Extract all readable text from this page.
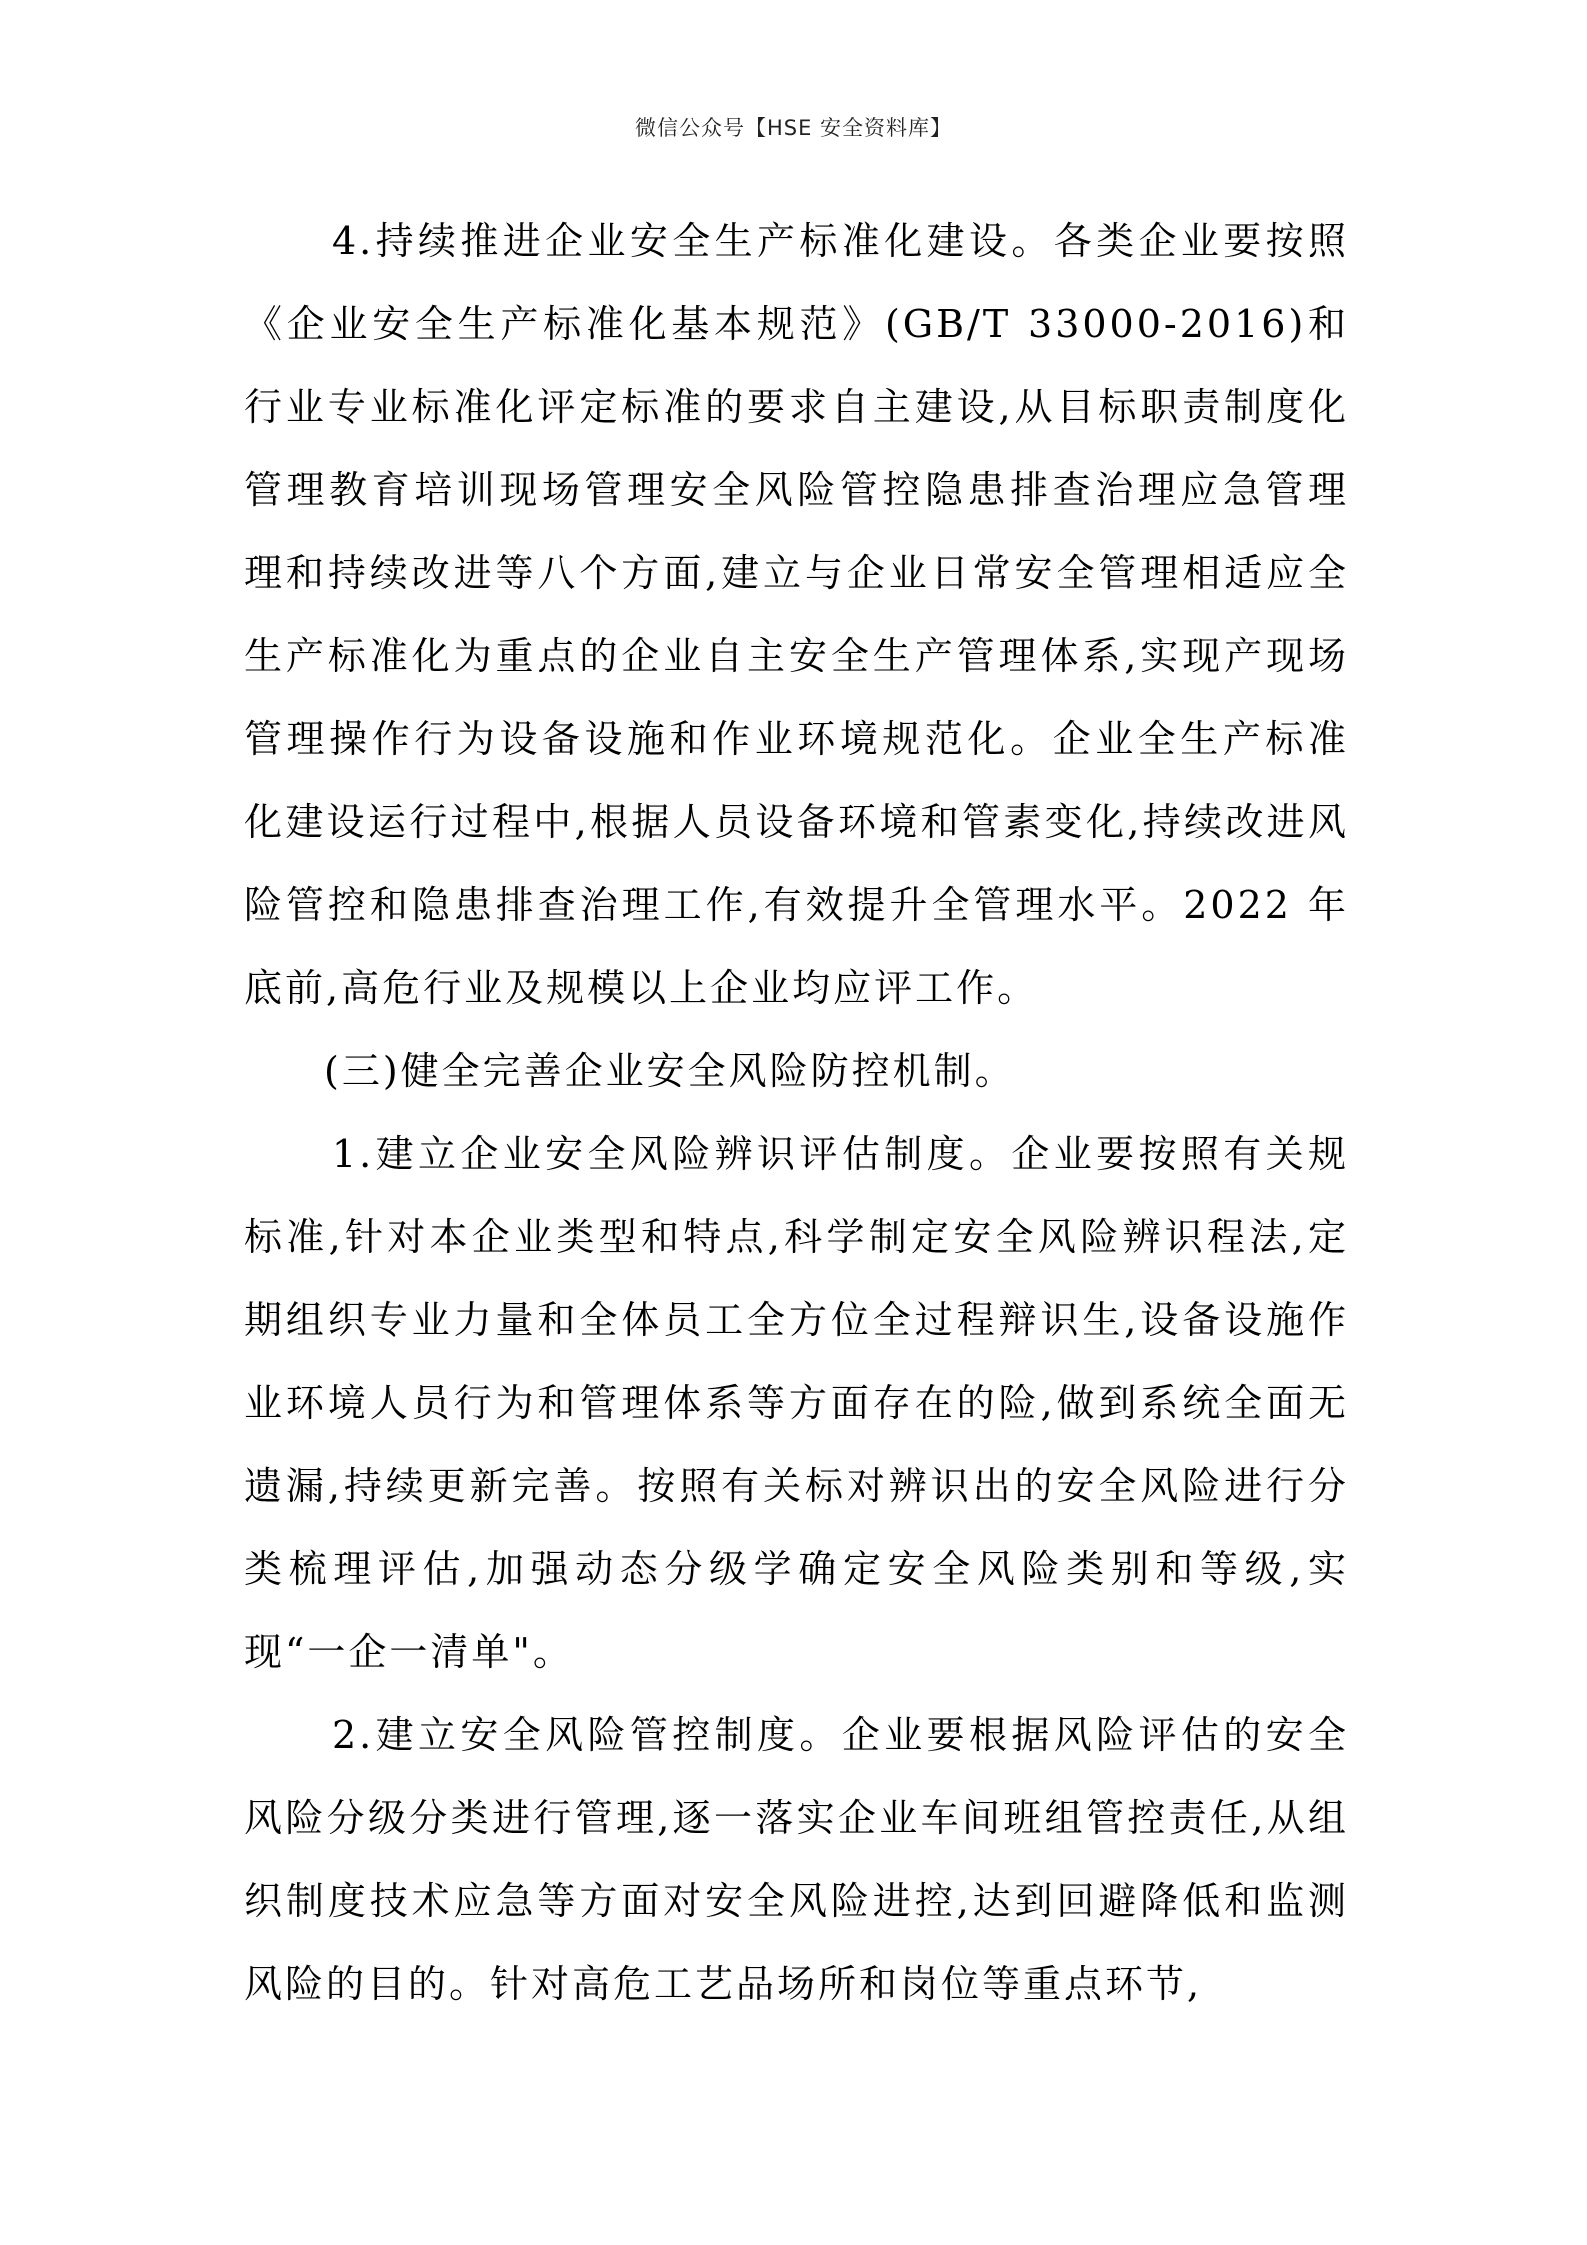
微信公众号【HSE 安全资料库】

4.持续推进企业安全生产标准化建设。各类企业要按照《企业安全生产标准化基本规范》(GB/T 33000-2016)和行业专业标准化评定标准的要求自主建设,从目标职责制度化管理教育培训现场管理安全风险管控隐患排查治理应急管理理和持续改进等八个方面,建立与企业日常安全管理相适应全生产标准化为重点的企业自主安全生产管理体系,实现产现场管理操作行为设备设施和作业环境规范化。企业全生产标准化建设运行过程中,根据人员设备环境和管素变化,持续改进风险管控和隐患排查治理工作,有效提升全管理水平。2022 年底前,高危行业及规模以上企业均应评工作。

(三)健全完善企业安全风险防控机制。

1.建立企业安全风险辨识评估制度。企业要按照有关规标准,针对本企业类型和特点,科学制定安全风险辨识程法,定期组织专业力量和全体员工全方位全过程辩识生,设备设施作业环境人员行为和管理体系等方面存在的险,做到系统全面无遗漏,持续更新完善。按照有关标对辨识出的安全风险进行分类梳理评估,加强动态分级学确定安全风险类别和等级,实现“一企一清单"。

2.建立安全风险管控制度。企业要根据风险评估的安全风险分级分类进行管理,逐一落实企业车间班组管控责任,从组织制度技术应急等方面对安全风险进控,达到回避降低和监测风险的目的。针对高危工艺品场所和岗位等重点环节,
